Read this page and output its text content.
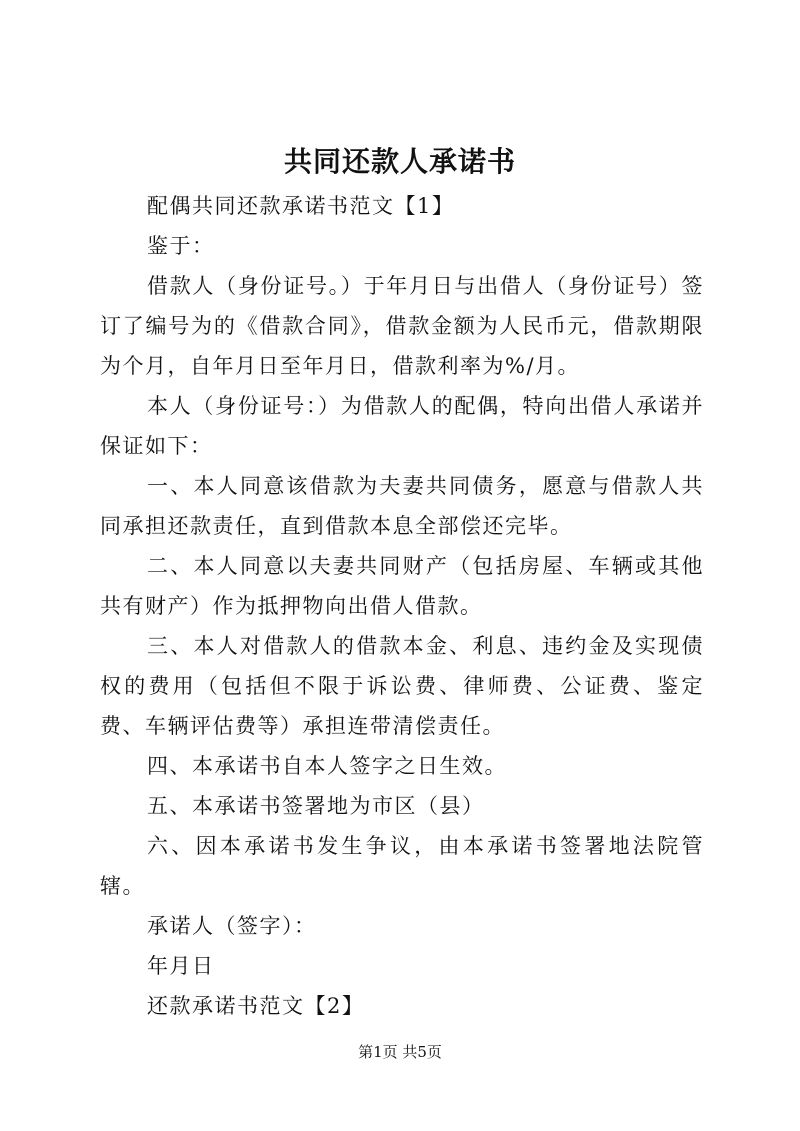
共同还款人承诺书

配偶共同还款承诺书范文【1】

鉴于：

借款人（身份证号。）于年月日与出借人（身份证号）签订了编号为的《借款合同》，借款金额为人民币元，借款期限为个月，自年月日至年月日，借款利率为%/月。

本人（身份证号：）为借款人的配偶，特向出借人承诺并保证如下：

一、本人同意该借款为夫妻共同债务，愿意与借款人共同承担还款责任，直到借款本息全部偿还完毕。

二、本人同意以夫妻共同财产（包括房屋、车辆或其他共有财产）作为抵押物向出借人借款。

三、本人对借款人的借款本金、利息、违约金及实现债权的费用（包括但不限于诉讼费、律师费、公证费、鉴定费、车辆评估费等）承担连带清偿责任。

四、本承诺书自本人签字之日生效。

五、本承诺书签署地为市区（县）

六、因本承诺书发生争议，由本承诺书签署地法院管辖。

承诺人（签字）：

年月日

还款承诺书范文【2】

第1页 共5页
